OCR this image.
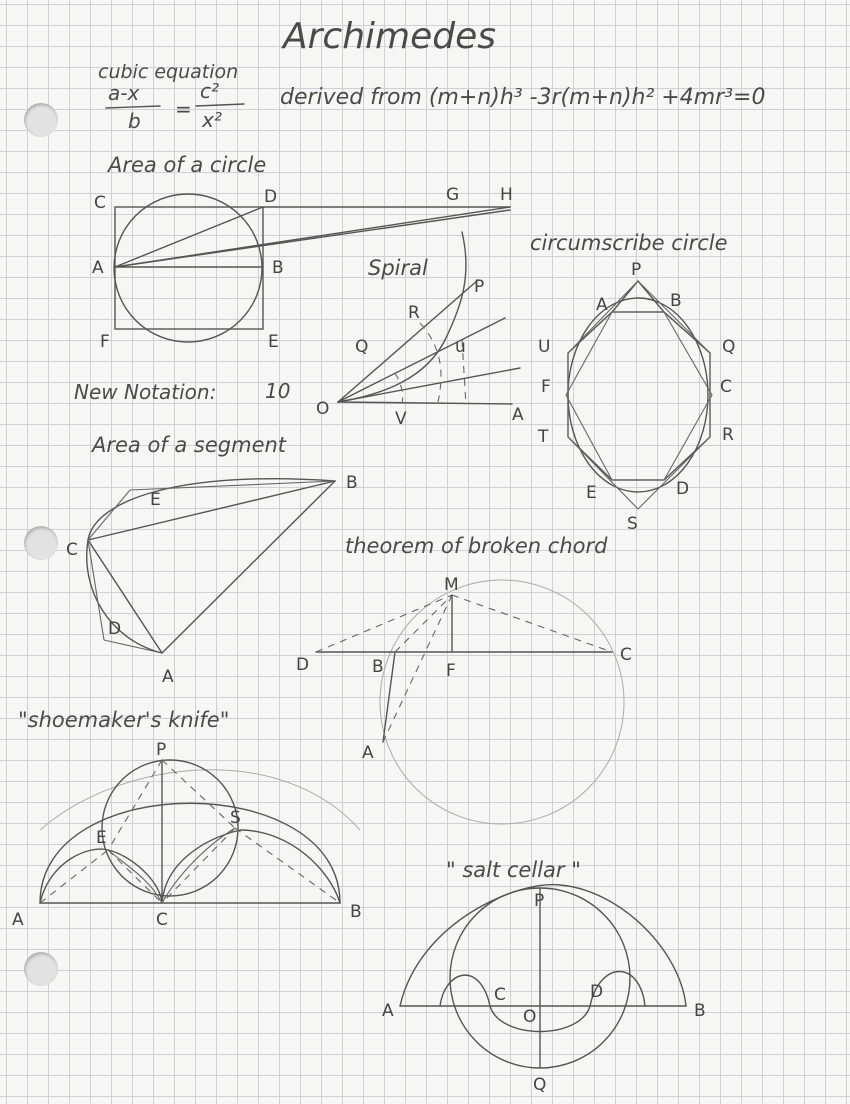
Archimedes
cubic equation
a-x
b =
c²
x²
derived from (m+n)h³ -3r(m+n)h² +4mr³=0
Area of a circle
C	D	G H
A	B
F	E
Spiral
P
R
Q	u
O	V	A
New Notation: 10
circumscribe circle
P
A	B
U	Q
F	C
T	R
E	D
S
Area of a segment
B
E
C
D
A
theorem of broken chord
M
D	B	F
C
A
"shoemaker's knife"
P
E
S
A	C	B
" salt cellar "
P
A
C	D
B
O
Q
